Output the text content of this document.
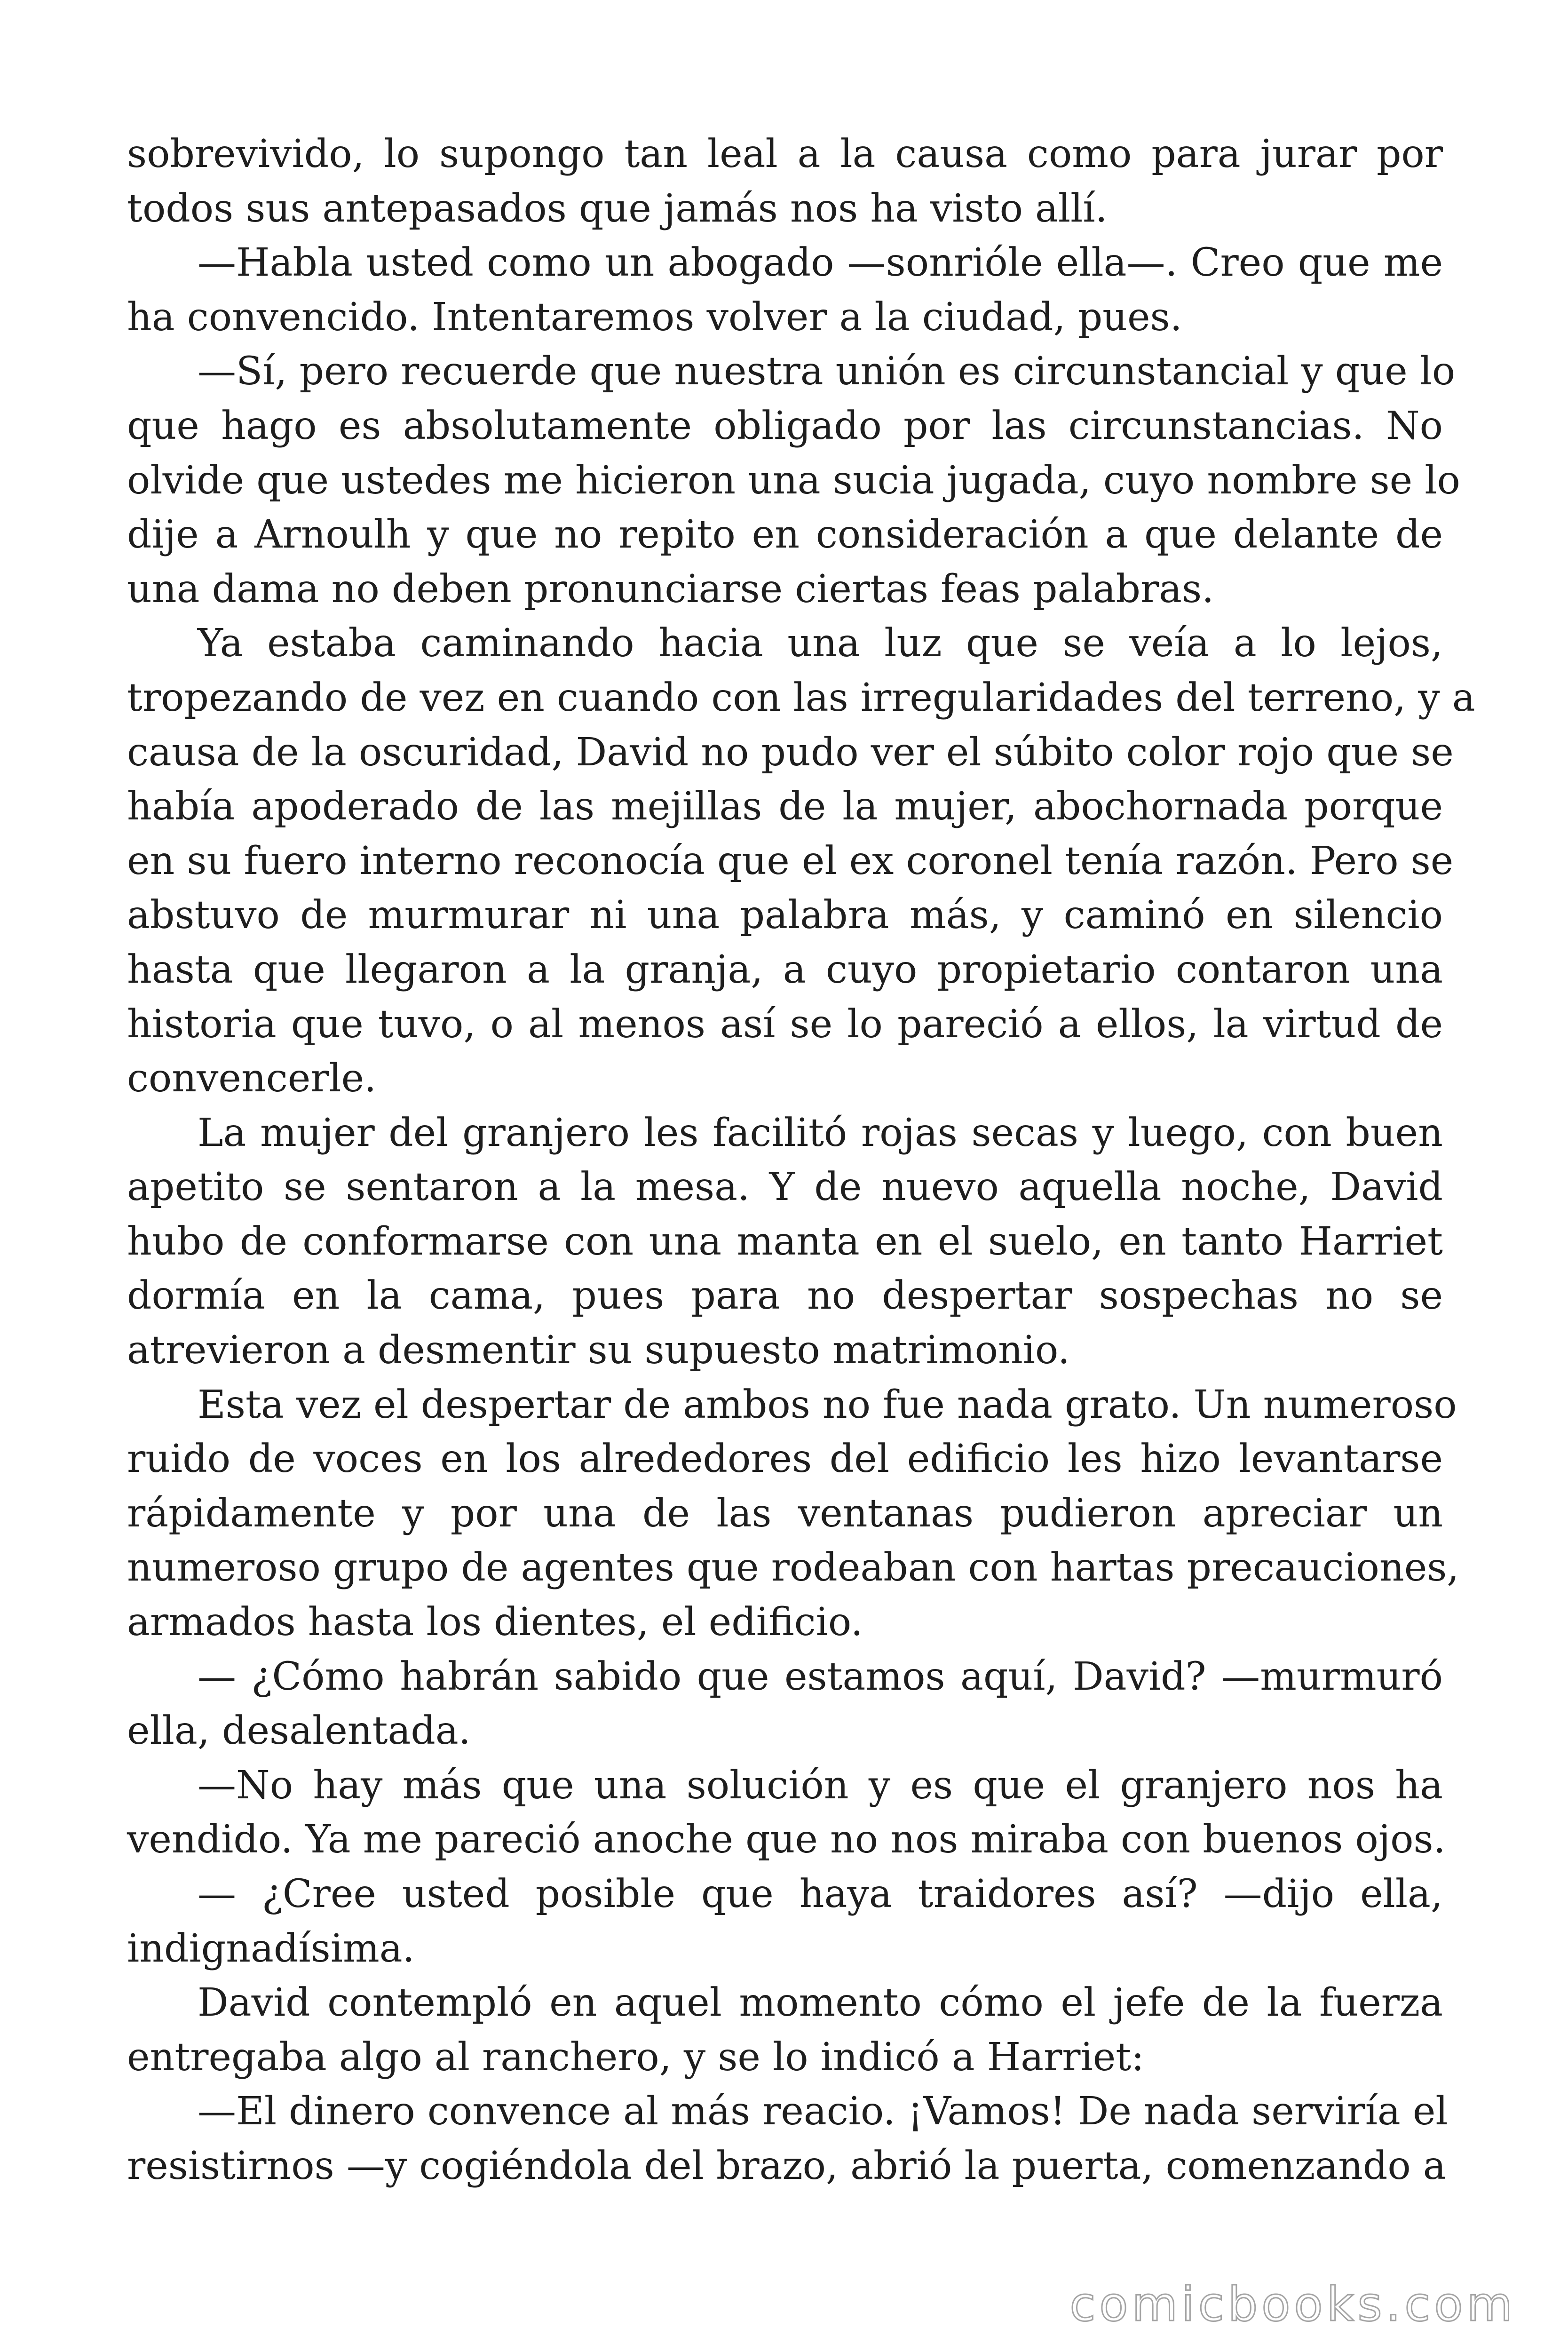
sobrevivido, lo supongo tan leal a la causa como para jurar por
todos sus antepasados que jamás nos ha visto allí.
—Habla usted como un abogado —sonrióle ella—. Creo que me
ha convencido. Intentaremos volver a la ciudad, pues.
—Sí, pero recuerde que nuestra unión es circunstancial y que lo
que hago es absolutamente obligado por las circunstancias. No
olvide que ustedes me hicieron una sucia jugada, cuyo nombre se lo
dije a Arnoulh y que no repito en consideración a que delante de
una dama no deben pronunciarse ciertas feas palabras.
Ya estaba caminando hacia una luz que se veía a lo lejos,
tropezando de vez en cuando con las irregularidades del terreno, y a
causa de la oscuridad, David no pudo ver el súbito color rojo que se
había apoderado de las mejillas de la mujer, abochornada porque
en su fuero interno reconocía que el ex coronel tenía razón. Pero se
abstuvo de murmurar ni una palabra más, y caminó en silencio
hasta que llegaron a la granja, a cuyo propietario contaron una
historia que tuvo, o al menos así se lo pareció a ellos, la virtud de
convencerle.
La mujer del granjero les facilitó rojas secas y luego, con buen
apetito se sentaron a la mesa. Y de nuevo aquella noche, David
hubo de conformarse con una manta en el suelo, en tanto Harriet
dormía en la cama, pues para no despertar sospechas no se
atrevieron a desmentir su supuesto matrimonio.
Esta vez el despertar de ambos no fue nada grato. Un numeroso
ruido de voces en los alrededores del edificio les hizo levantarse
rápidamente y por una de las ventanas pudieron apreciar un
numeroso grupo de agentes que rodeaban con hartas precauciones,
armados hasta los dientes, el edificio.
— ¿Cómo habrán sabido que estamos aquí, David? —murmuró
ella, desalentada.
—No hay más que una solución y es que el granjero nos ha
vendido. Ya me pareció anoche que no nos miraba con buenos ojos.
— ¿Cree usted posible que haya traidores así? —dijo ella,
indignadísima.
David contempló en aquel momento cómo el jefe de la fuerza
entregaba algo al ranchero, y se lo indicó a Harriet:
—El dinero convence al más reacio. ¡Vamos! De nada serviría el
resistirnos —y cogiéndola del brazo, abrió la puerta, comenzando a
comicbooks.com
